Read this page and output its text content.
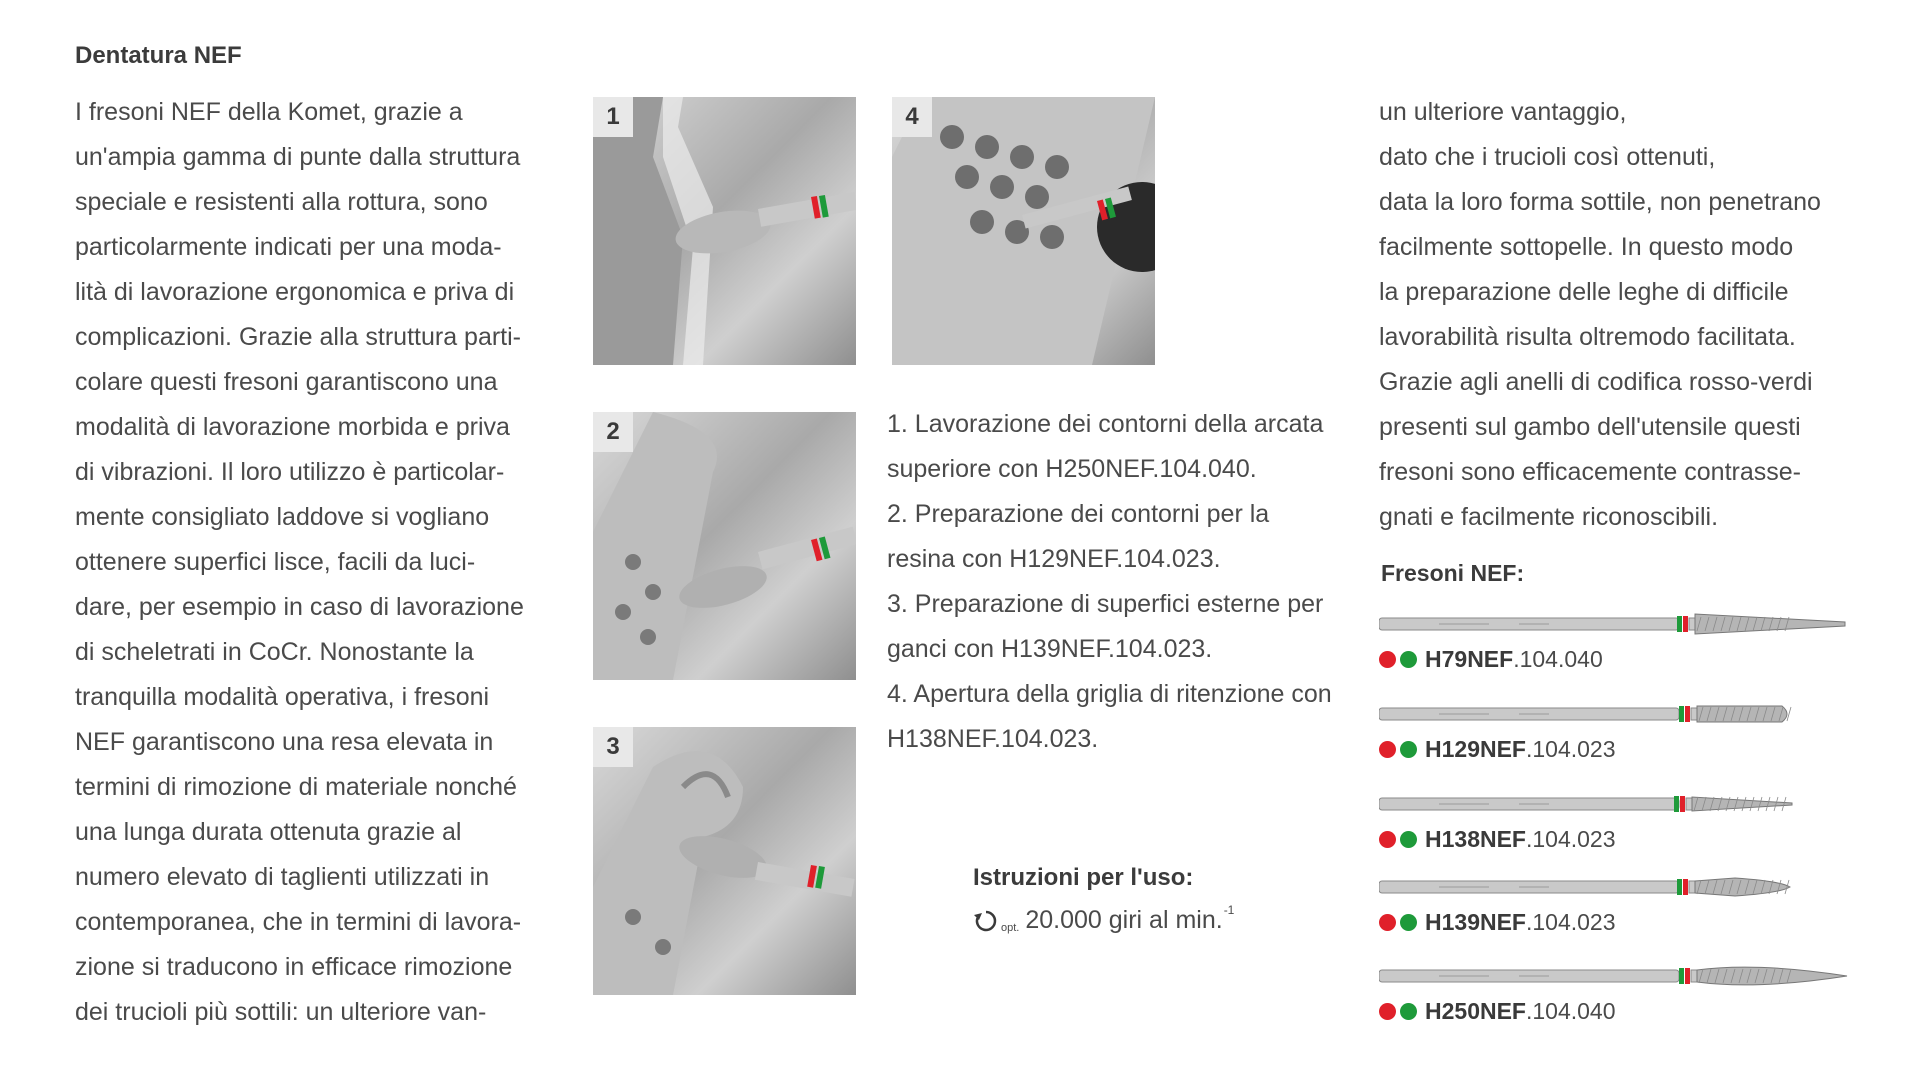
Dentatura NEF
I fresoni NEF della Komet, grazie a
un'ampia gamma di punte dalla struttura
speciale e resistenti alla rottura, sono
particolarmente indicati per una moda-
lità di lavorazione ergonomica e priva di
complicazioni. Grazie alla struttura parti-
colare questi fresoni garantiscono una
modalità di lavorazione morbida e priva
di vibrazioni. Il loro utilizzo è particolar-
mente consigliato laddove si vogliano
ottenere superfici lisce, facili da luci-
dare, per esempio in caso di lavorazione
di scheletrati in CoCr. Nonostante la
tranquilla modalità operativa, i fresoni
NEF garantiscono una resa elevata in
termini di rimozione di materiale nonché
una lunga durata ottenuta grazie al
numero elevato di taglienti utilizzati in
contemporanea, che in termini di lavora-
zione si traducono in efficace rimozione
dei trucioli più sottili: un ulteriore van-
1
2
3
4
1. Lavorazione dei contorni della arcata
superiore con H250NEF.104.040.
2. Preparazione dei contorni per la
resina con H129NEF.104.023.
3. Preparazione di superfici esterne per
ganci con H139NEF.104.023.
4. Apertura della griglia di ritenzione con
H138NEF.104.023.
Istruzioni per l'uso:
opt. 20.000 giri al min. -1
un ulteriore vantaggio,
dato che i trucioli così ottenuti,
data la loro forma sottile, non penetrano
facilmente sottopelle. In questo modo
la preparazione delle leghe di difficile
lavorabilità risulta oltremodo facilitata.
Grazie agli anelli di codifica rosso-verdi
presenti sul gambo dell'utensile questi
fresoni sono efficacemente contrasse-
gnati e facilmente riconoscibili.
Fresoni NEF:
H79NEF .104.040
H129NEF .104.023
H138NEF .104.023
H139NEF .104.023
H250NEF .104.040
